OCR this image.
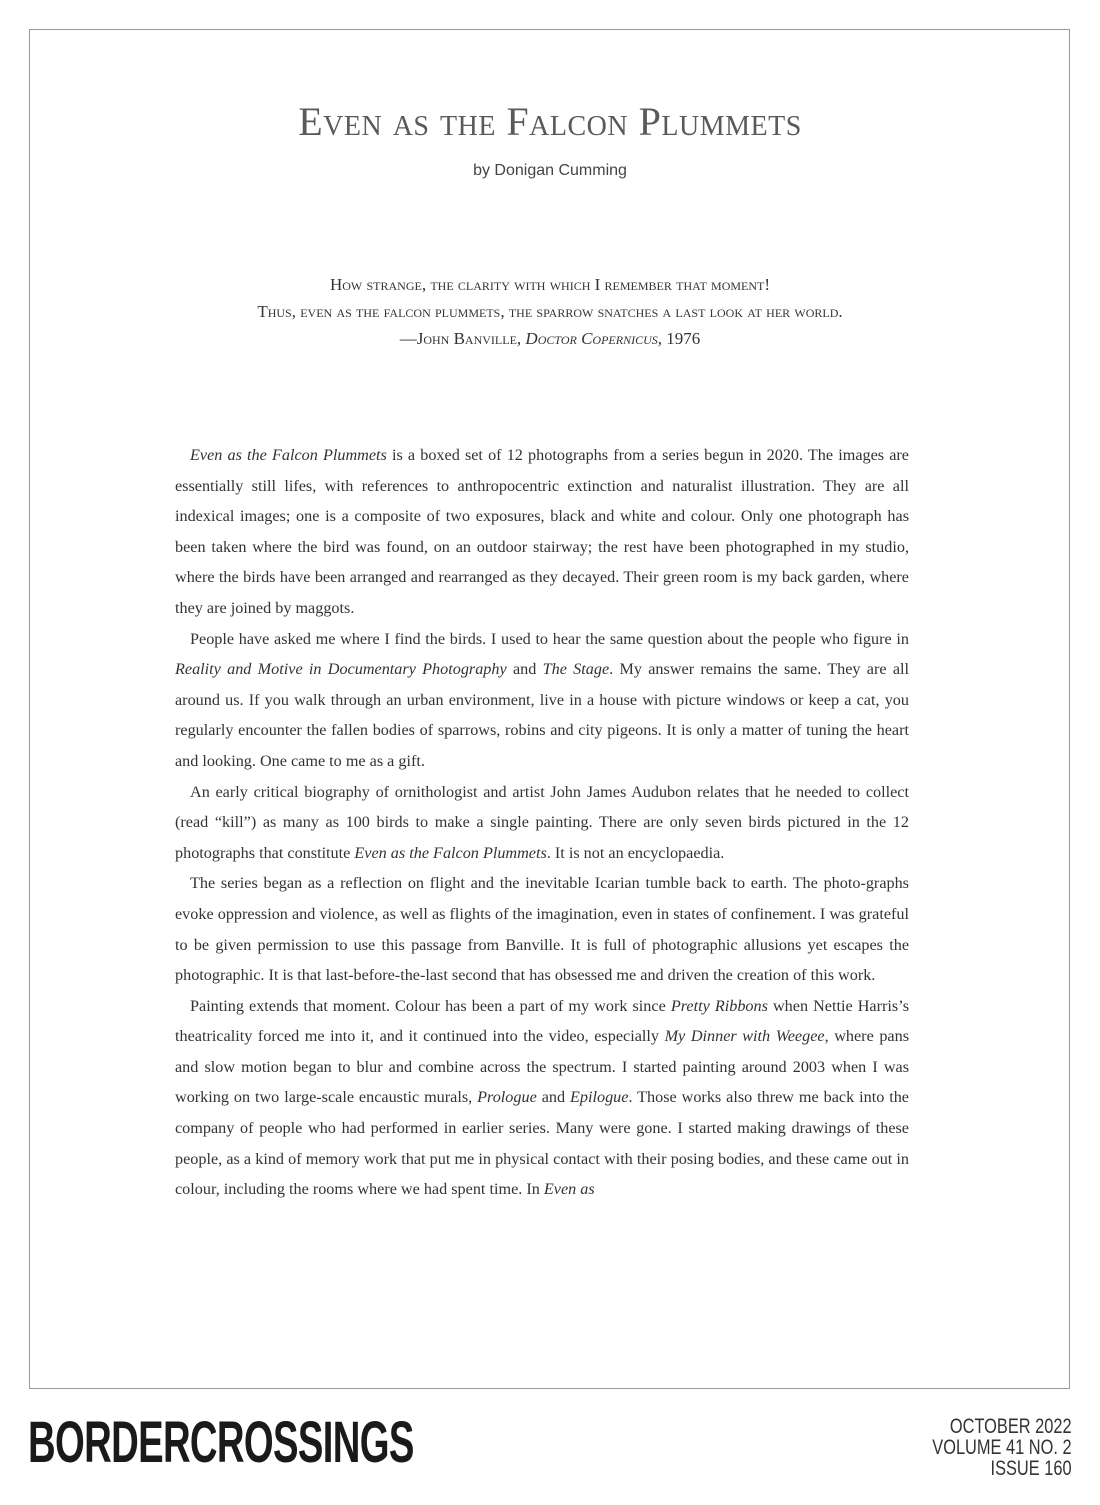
Even as the Falcon Plummets
by Donigan Cumming
How strange, the clarity with which I remember that moment!
Thus, even as the falcon plummets, the sparrow snatches a last look at her world.
—John Banville, Doctor Copernicus, 1976

Even as the Falcon Plummets is a boxed set of 12 photographs from a series begun in 2020. The images are essentially still lifes, with references to anthropocentric extinction and naturalist illustration. They are all indexical images; one is a composite of two exposures, black and white and colour. Only one photograph has been taken where the bird was found, on an outdoor stairway; the rest have been photographed in my studio, where the birds have been arranged and rearranged as they decayed. Their green room is my back garden, where they are joined by maggots.

People have asked me where I find the birds. I used to hear the same question about the people who figure in Reality and Motive in Documentary Photography and The Stage. My answer remains the same. They are all around us. If you walk through an urban environment, live in a house with picture windows or keep a cat, you regularly encounter the fallen bodies of sparrows, robins and city pigeons. It is only a matter of tuning the heart and looking. One came to me as a gift.

An early critical biography of ornithologist and artist John James Audubon relates that he needed to collect (read “kill”) as many as 100 birds to make a single painting. There are only seven birds pictured in the 12 photographs that constitute Even as the Falcon Plummets. It is not an encyclopaedia.

The series began as a reflection on flight and the inevitable Icarian tumble back to earth. The photo-graphs evoke oppression and violence, as well as flights of the imagination, even in states of confinement. I was grateful to be given permission to use this passage from Banville. It is full of photographic allusions yet escapes the photographic. It is that last-before-the-last second that has obsessed me and driven the creation of this work.

Painting extends that moment. Colour has been a part of my work since Pretty Ribbons when Nettie Harris’s theatricality forced me into it, and it continued into the video, especially My Dinner with Weegee, where pans and slow motion began to blur and combine across the spectrum. I started painting around 2003 when I was working on two large-scale encaustic murals, Prologue and Epilogue. Those works also threw me back into the company of people who had performed in earlier series. Many were gone. I started making drawings of these people, as a kind of memory work that put me in physical contact with their posing bodies, and these came out in colour, including the rooms where we had spent time. In Even as

BORDERCROSSINGS	OCTOBER 2022
VOLUME 41 NO. 2
ISSUE 160
